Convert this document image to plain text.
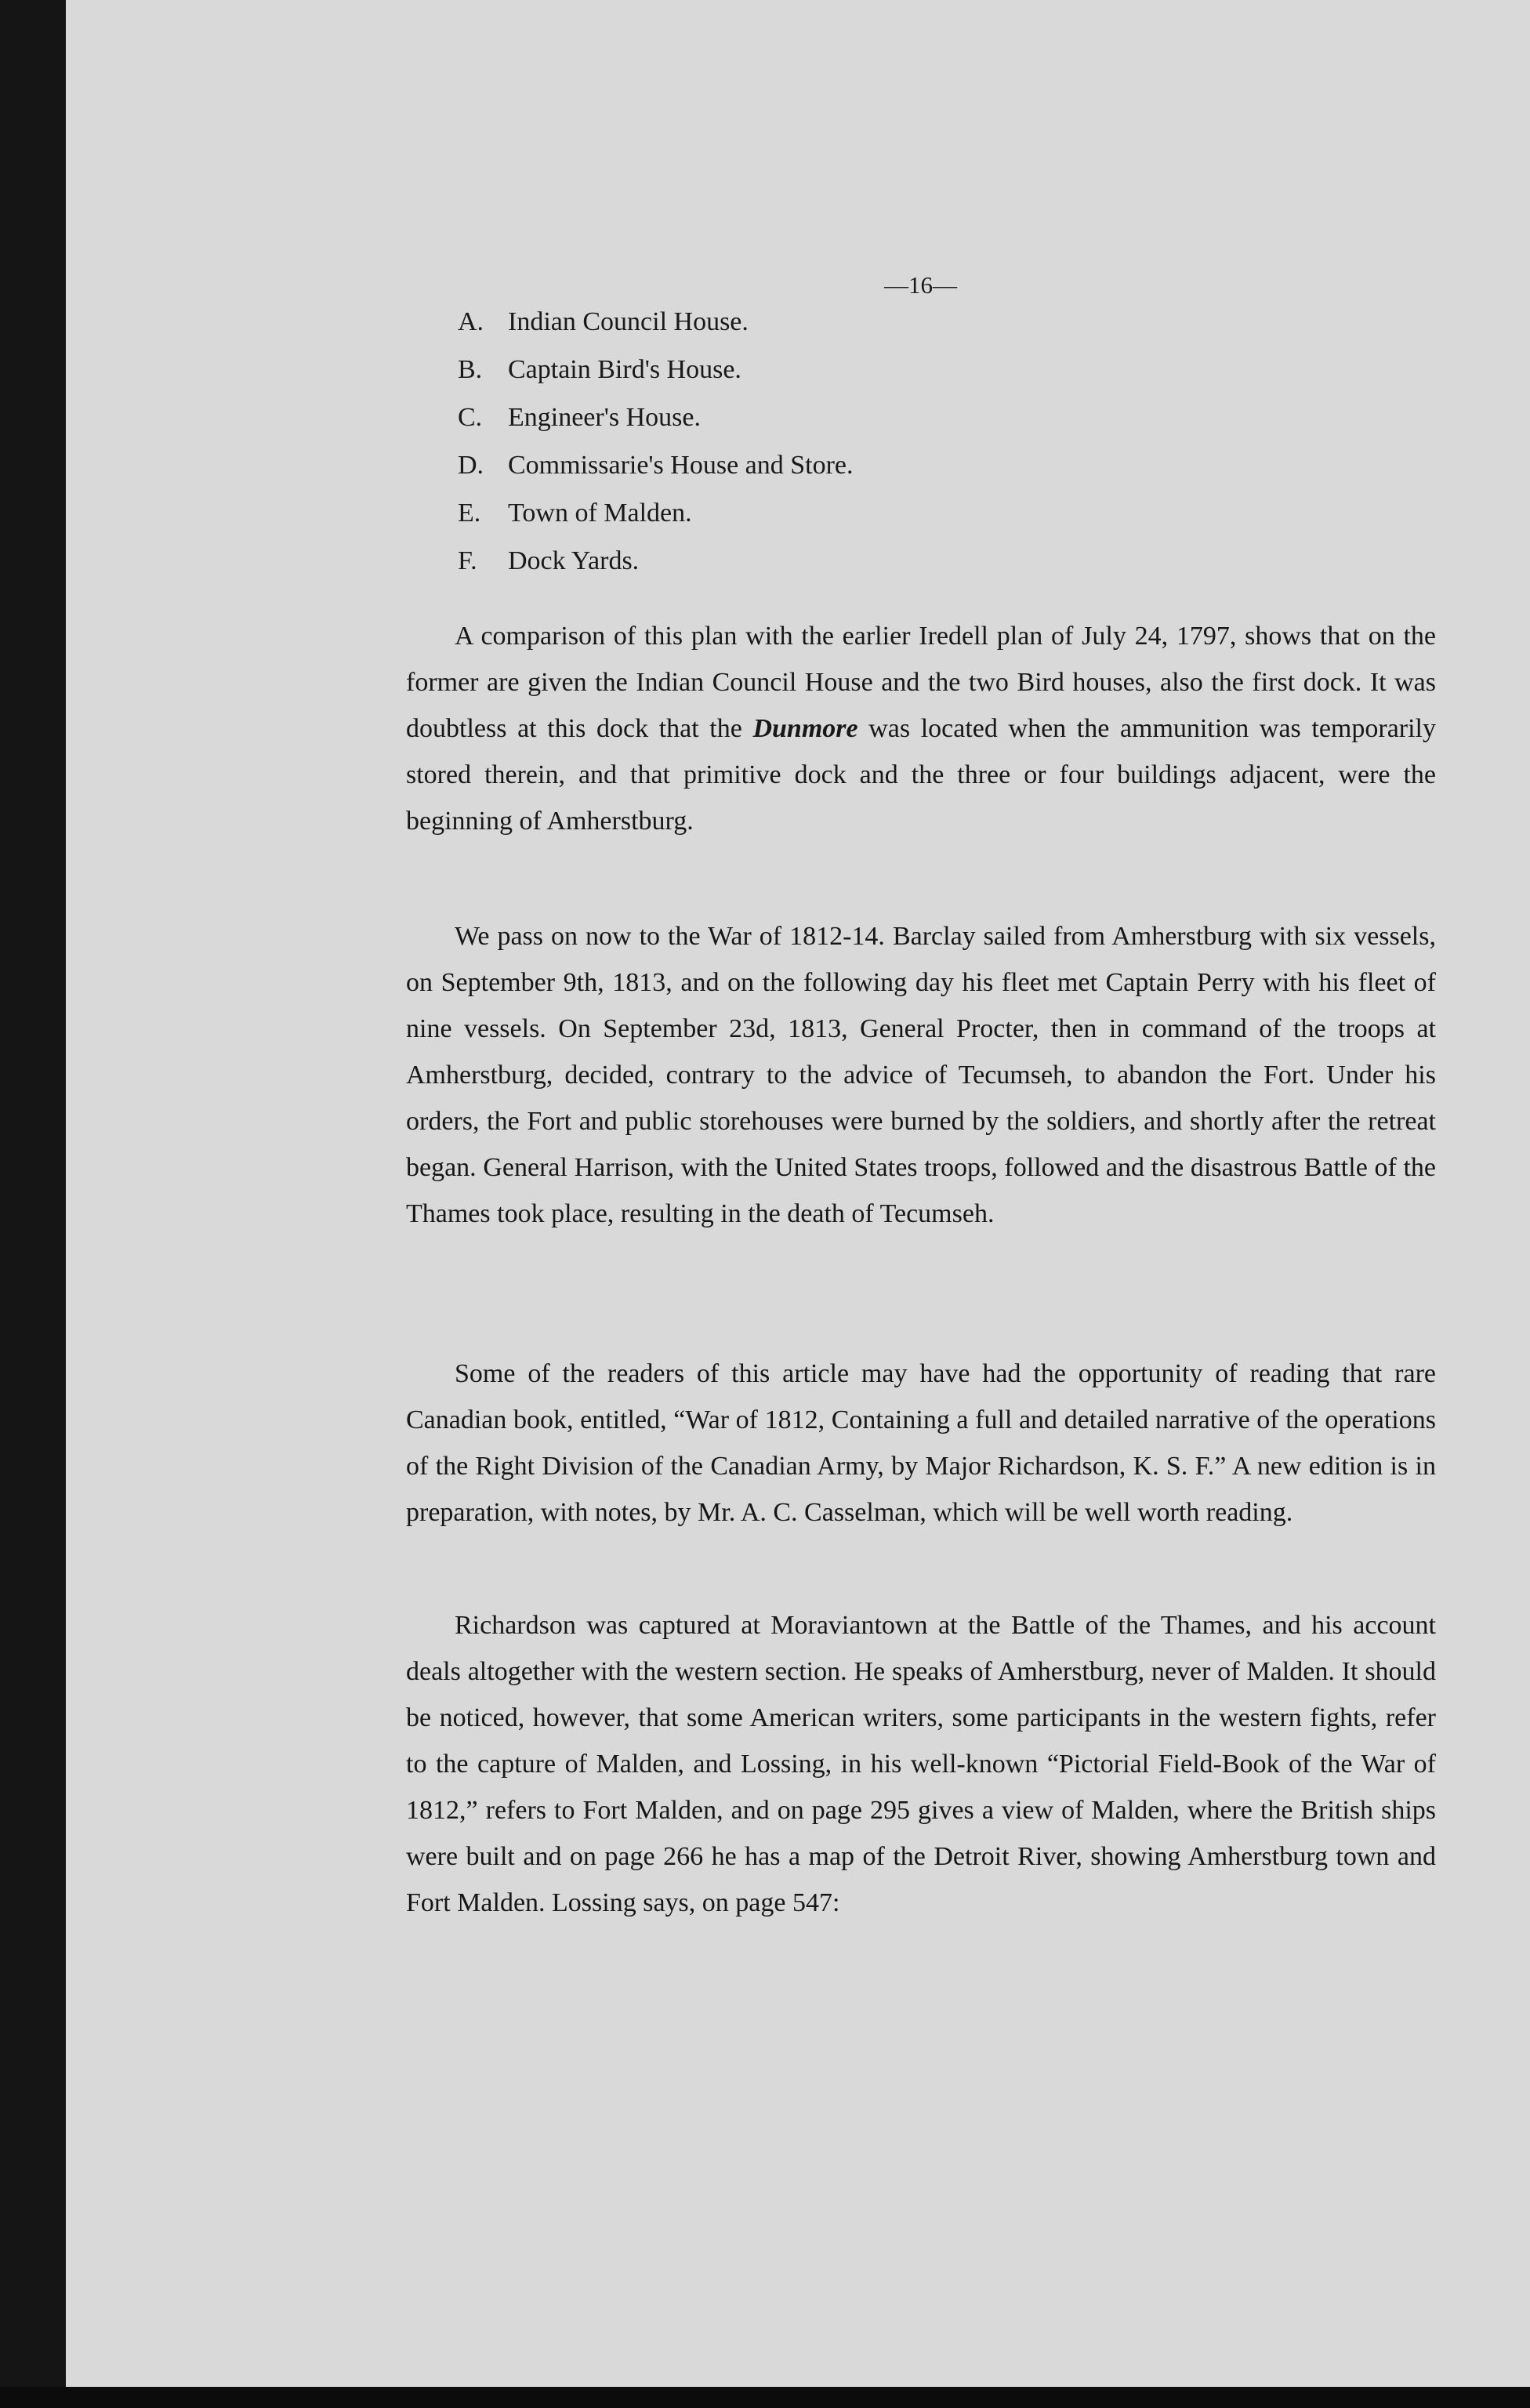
—16—
A. Indian Council House.
B. Captain Bird's House.
C. Engineer's House.
D. Commissarie's House and Store.
E. Town of Malden.
F. Dock Yards.

A comparison of this plan with the earlier Iredell plan of July 24, 1797, shows that on the former are given the Indian Council House and the two Bird houses, also the first dock. It was doubtless at this dock that the Dunmore was located when the ammunition was temporarily stored therein, and that primitive dock and the three or four buildings adjacent, were the beginning of Amherstburg.

We pass on now to the War of 1812-14. Barclay sailed from Amherstburg with six vessels, on September 9th, 1813, and on the following day his fleet met Captain Perry with his fleet of nine vessels. On September 23d, 1813, General Procter, then in command of the troops at Amherstburg, decided, contrary to the advice of Tecumseh, to abandon the Fort. Under his orders, the Fort and public storehouses were burned by the soldiers, and shortly after the retreat began. General Harrison, with the United States troops, followed and the disastrous Battle of the Thames took place, resulting in the death of Tecumseh.

Some of the readers of this article may have had the opportunity of reading that rare Canadian book, entitled, “War of 1812, Containing a full and detailed narrative of the operations of the Right Division of the Canadian Army, by Major Richardson, K. S. F.” A new edition is in preparation, with notes, by Mr. A. C. Casselman, which will be well worth reading.

Richardson was captured at Moraviantown at the Battle of the Thames, and his account deals altogether with the western section. He speaks of Amherstburg, never of Malden. It should be noticed, however, that some American writers, some participants in the western fights, refer to the capture of Malden, and Lossing, in his well-known “Pictorial Field-Book of the War of 1812,” refers to Fort Malden, and on page 295 gives a view of Malden, where the British ships were built and on page 266 he has a map of the Detroit River, showing Amherstburg town and Fort Malden. Lossing says, on page 547:
